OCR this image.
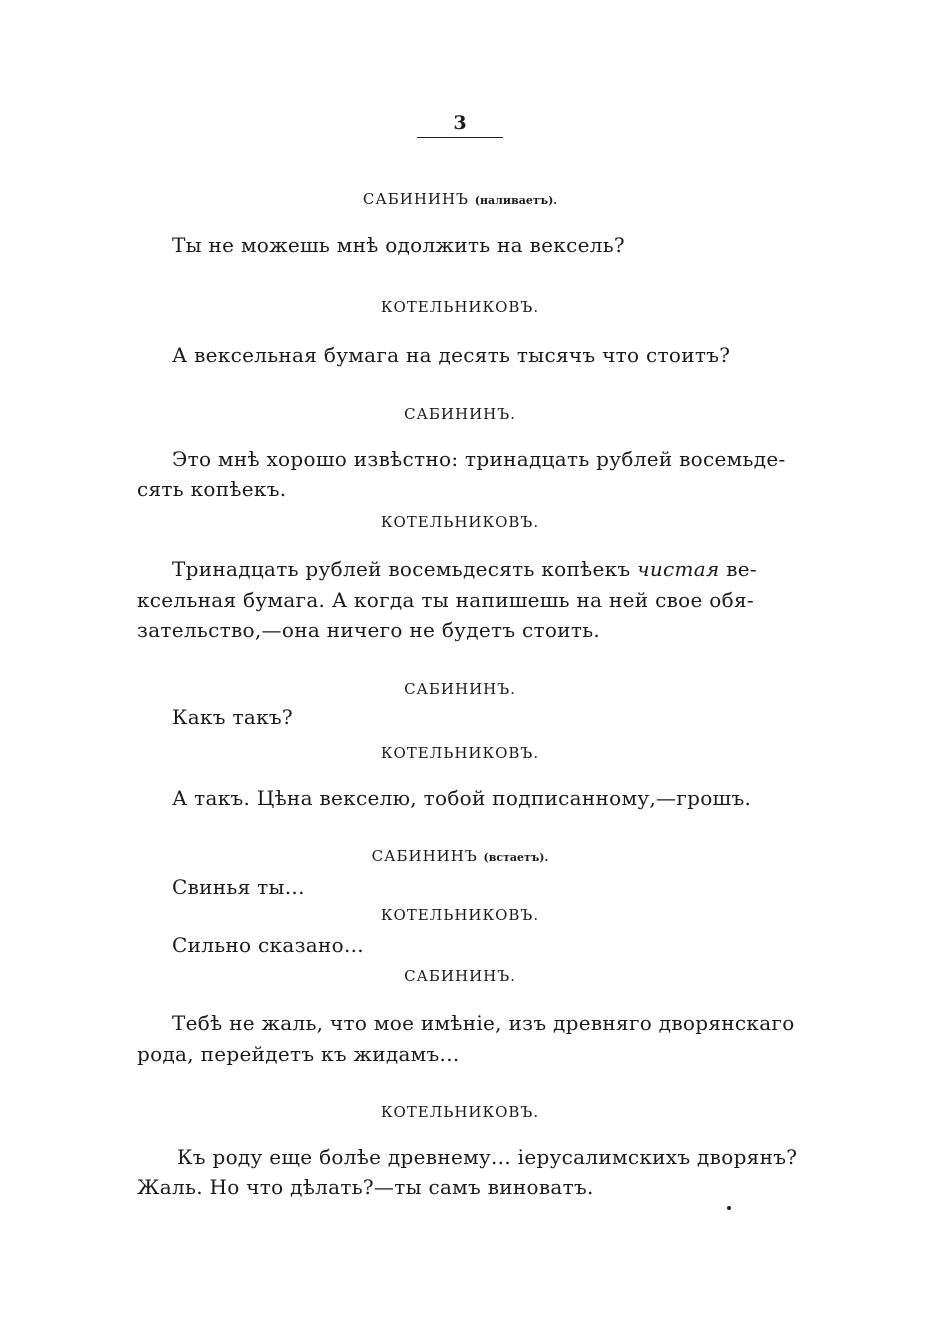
3
САБИНИНЪ (наливаетъ).
Ты не можешь мнѣ одолжить на вексель?
КОТЕЛЬНИКОВЪ.
А вексельная бумага на десять тысячъ что стоитъ?
САБИНИНЪ.
Это мнѣ хорошо извѣстно: тринадцать рублей восемьде-
сять копѣекъ.
КОТЕЛЬНИКОВЪ.
Тринадцать рублей восемьдесять копѣекъ чистая ве-
ксельная бумага. А когда ты напишешь на ней свое обя-
зательство,—она ничего не будетъ стоить.
САБИНИНЪ.
Какъ такъ?
КОТЕЛЬНИКОВЪ.
А такъ. Цѣна векселю, тобой подписанному,—грошъ.
САБИНИНЪ (встаетъ).
Свинья ты...
КОТЕЛЬНИКОВЪ.
Сильно сказано...
САБИНИНЪ.
Тебѣ не жаль, что мое имѣніе, изъ древняго дворянскаго
рода, перейдетъ къ жидамъ...
КОТЕЛЬНИКОВЪ.
Къ роду еще болѣе древнему... іерусалимскихъ дворянъ?
Жаль. Но что дѣлать?—ты самъ виноватъ.
